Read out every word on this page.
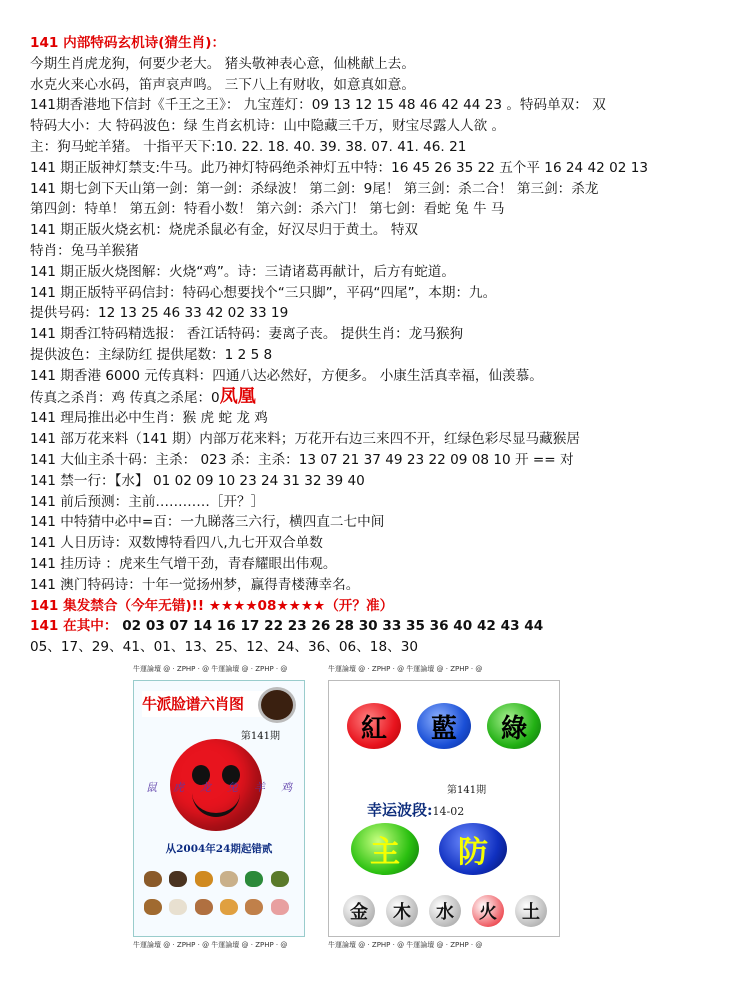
141 内部特码玄机诗(猜生肖)：
今期生肖虎龙狗，何要少老大。 猪头敬神表心意，仙桃献上去。
水克火来心水码，笛声哀声鸣。 三下八上有财收，如意真如意。
141期香港地下信封《千王之王》： 九宝莲灯：09 13 12 15 48 46 42 44 23 。特码单双： 双
特码大小：大 特码波色：绿 生肖玄机诗：山中隐藏三千万，财宝尽露人人欲 。
主：狗马蛇羊猪。 十指平天下:10. 22. 18. 40. 39. 38. 07. 41. 46. 21
141 期正版神灯禁支:牛马。此乃神灯特码绝杀神灯五中特：16 45 26 35 22 五个平 16 24 42 02 13
141 期七剑下天山第一剑：第一剑：杀绿波！ 第二剑：9尾！ 第三剑：杀二合！ 第三剑：杀龙
第四剑：特单！ 第五剑：特看小数！ 第六剑：杀六门！ 第七剑：看蛇 兔 牛 马
141 期正版火烧玄机：烧虎杀鼠必有金，好汉尽归于黄土。 特双
特肖：兔马羊猴猪
141 期正版火烧图解：火烧“鸡”。诗：三请诸葛再献计，后方有蛇道。
141 期正版特平码信封：特码心想要找个“三只脚”，平码“四尾”，本期：九。
提供号码：12 13 25 46 33 42 02 33 19
141 期香江特码精选报： 香江话特码：妻离子丧。 提供生肖：龙马猴狗
提供波色：主绿防红 提供尾数：1 2 5 8
141 期香港 6000 元传真料：四通八达必然好，方便多。 小康生活真幸福，仙羡慕。
传真之杀肖：鸡 传真之杀尾：0凤凰
141 理局推出必中生肖：猴 虎 蛇 龙 鸡
141 部万花来料（141 期）内部万花来料；万花开右边三来四不开，红绿色彩尽显马藏猴居
141 大仙主杀十码：主杀： 023 杀：主杀：13 07 21 37 49 23 22 09 08 10 开 == 对
141 禁一行：【水】 01 02 09 10 23 24 31 32 39 40
141 前后预测：主前…………［开？］
141 中特猜中必中=百：一九睇落三六行，横四直二七中间
141 人日历诗：双数博特看四八,九七开双合单数
141 挂历诗 ：虎来生气增干劲，青春耀眼出伟观。
141 澳门特码诗：十年一觉扬州梦，赢得青楼薄幸名。
141 集发禁合（今年无错)!! ★★★★08★★★★（开？准）
141 在其中： 02 03 07 14 16 17 22 23 26 28 30 33 35 36 40 42 43 44
05、17、29、41、01、13、25、12、24、36、06、18、30
牛運論壇 @ · ZPHP · @ 牛運論壇 @ · ZPHP · @
牛派脸谱六肖图
第141期
鼠 虎 龙 兔 羊 鸡
从2004年24期起错贰
牛運論壇 @ · ZPHP · @ 牛運論壇 @ · ZPHP · @
牛運論壇 @ · ZPHP · @ 牛運論壇 @ · ZPHP · @
紅 藍 綠
第141期
幸运波段:14-02
主 防
金 木 水 火 土
牛運論壇 @ · ZPHP · @ 牛運論壇 @ · ZPHP · @
